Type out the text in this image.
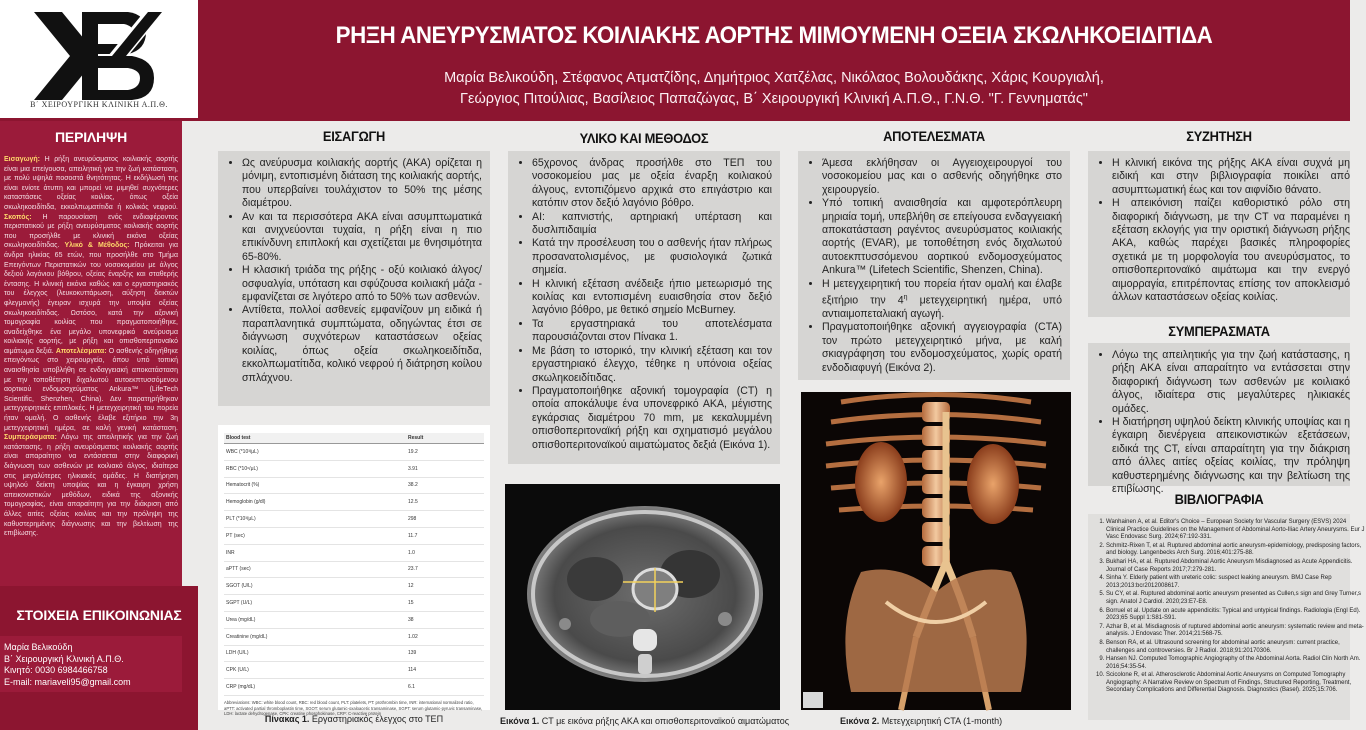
Β΄ ΧΕΙΡΟΥΡΓΙΚΗ ΚΛΙΝΙΚΗ Α.Π.Θ.
ΡΗΞΗ ΑΝΕΥΡΥΣΜΑΤΟΣ ΚΟΙΛΙΑΚΗΣ ΑΟΡΤΗΣ ΜΙΜΟΥΜΕΝΗ ΟΞΕΙΑ ΣΚΩΛΗΚΟΕΙΔΙΤΙΔΑ
Μαρία Βελικούδη, Στέφανος Ατματζίδης, Δημήτριος Χατζέλας, Νικόλαος Βολουδάκης, Χάρις Κουργιαλή,
Γεώργιος Πιτούλιας, Βασίλειος Παπαζώγας, Β΄ Χειρουργική Κλινική Α.Π.Θ., Γ.Ν.Θ. "Γ. Γεννηματάς"
ΠΕΡΙΛΗΨΗ
Εισαγωγή: Η ρήξη ανευρύσματος κοιλιακής αορτής είναι μια επείγουσα, απειλητική για την ζωή κατάσταση, με πολύ υψηλά ποσοστά θνητότητας. Η εκδήλωσή της είναι ενίοτε άτυπη και μπορεί να μιμηθεί συχνότερες καταστάσεις οξείας κοιλίας, όπως οξεία σκωληκοειδίτιδα, εκκολπωματίτιδα ή κολικός νεφρού. Σκοπός: Η παρουσίαση ενός ενδιαφέροντος περιστατικού με ρήξη ανευρύσματος κοιλιακής αορτής που προσήλθε με κλινική εικόνα οξείας σκωληκοειδίτιδας. Υλικό & Μέθοδος: Πρόκειται για άνδρα ηλικίας 65 ετών, που προσήλθε στο Τμήμα Επειγόντων Περιστατικών του νοσοκομείου με άλγος δεξιού λαγόνιου βόθρου, οξείας έναρξης και σταθερής έντασης. Η κλινική εικόνα καθώς και ο εργαστηριακός του έλεγχος (λευκοκυττάρωση, αύξηση δεικτών φλεγμονής) έγειραν ισχυρά την υποψία οξείας σκωληκοειδίτιδας. Ωστόσο, κατά την αξονική τομογραφία κοιλίας που πραγματοποιήθηκε, αναδείχθηκε ένα μεγάλο υπονεφρικό ανεύρυσμα κοιλιακής αορτής, με ρήξη και οπισθοπεριτοναϊκό αιμάτωμα δεξιά. Αποτελέσματα: Ο ασθενής οδηγήθηκε επειγόντως στο χειρουργείο, όπου υπό τοπική αναισθησία υποβλήθη σε ενδαγγειακή αποκατάσταση με την τοποθέτηση διχαλωτού αυτοεκπτυσσόμενου αορτικού ενδομοσχεύματος Ankura™ (LifeTech Scientific, Shenzhen, China). Δεν παρατηρήθηκαν μετεγχειρητικές επιπλοκές. Η μετεγχειρητική του πορεία ήταν ομαλή. Ο ασθενής έλαβε εξιτήριο την 3η μετεγχειρητική ημέρα, σε καλή γενική κατάσταση. Συμπεράσματα: Λόγω της απειλητικής για την ζωή κατάστασης, η ρήξη ανευρύσματος κοιλιακής αορτής είναι απαραίτητο να εντάσσεται στην διαφορική διάγνωση των ασθενών με κοιλιακό άλγος, ιδιαίτερα στις μεγαλύτερες ηλικιακές ομάδες. Η διατήρηση υψηλού δείκτη υποψίας και η έγκαιρη χρήση απεικονιστικών μεθόδων, ειδικά της αξονικής τομογραφίας, είναι απαραίτητη για την διάκριση από άλλες αιτίες οξείας κοιλίας και την πρόληψη της καθυστερημένης διάγνωσης και την βελτίωση της επιβίωσης.
ΣΤΟΙΧΕΙΑ ΕΠΙΚΟΙΝΩΝΙΑΣ
Μαρία Βελικούδη
Β΄ Χειρουργική Κλινική Α.Π.Θ.
Κινητό: 0030 6984466758
E-mail: mariaveli95@gmail.com
ΕΙΣΑΓΩΓΗ
• Ως ανεύρυσμα κοιλιακής αορτής (ΑΚΑ) ορίζεται η μόνιμη, εντοπισμένη διάταση της κοιλιακής αορτής, που υπερβαίνει τουλάχιστον το 50% της μέσης διαμέτρου.
• Αν και τα περισσότερα ΑΚΑ είναι ασυμπτωματικά και ανιχνεύονται τυχαία, η ρήξη είναι η πιο επικίνδυνη επιπλοκή και σχετίζεται με θνησιμότητα 65-80%.
• Η κλασική τριάδα της ρήξης - οξύ κοιλιακό άλγος/οσφυαλγία, υπόταση και σφύζουσα κοιλιακή μάζα - εμφανίζεται σε λιγότερο από το 50% των ασθενών.
• Αντίθετα, πολλοί ασθενείς εμφανίζουν μη ειδικά ή παραπλανητικά συμπτώματα, οδηγώντας έτσι σε διάγνωση συχνότερων καταστάσεων οξείας κοιλίας, όπως οξεία σκωληκοειδίτιδα, εκκολπωματίτιδα, κολικό νεφρού ή διάτρηση κοίλου σπλάχνου.
Blood test	Result
WBC (*10³/μL)	19.2
RBC (*10⁶/μL)	3.91
Hematocrit (%)	38.2
Hemoglobin (g/dl)	12.5
PLT (*10³/μL)	298
PT (sec)	11.7
INR	1.0
aPTT (sec)	23.7
SGOT (U/L)	12
SGPT (U/L)	15
Urea (mg/dL)	38
Creatinine (mg/dL)	1.02
LDH (U/L)	139
CPK (U/L)	114
CRP (mg/dL)	6.1
Abbreviations: WBC: white blood count, RBC: red blood count, PLT: platelets, PT: prothrombin time, INR: international normalized ratio, aPTT: activated partial thromboplastin time, SGOT: serum glutamic-oxaloacetic transaminase, SGPT: serum glutamic-pyruvic transaminase, LDH: lactate dehydrogenase, CPK: creatine phosphokinase, CRP: C-reactive protein
Πίνακας 1. Εργαστηριακός έλεγχος στο ΤΕΠ
ΥΛΙΚΟ ΚΑΙ ΜΕΘΟΔΟΣ
• 65χρονος άνδρας προσήλθε στο ΤΕΠ του νοσοκομείου μας με οξεία έναρξη κοιλιακού άλγους, εντοπιζόμενο αρχικά στο επιγάστριο και κατόπιν στον δεξιό λαγόνιο βόθρο.
• ΑΙ: καπνιστής, αρτηριακή υπέρταση και δυσλιπιδαιμία
• Κατά την προσέλευση του ο ασθενής ήταν πλήρως προσανατολισμένος, με φυσιολογικά ζωτικά σημεία.
• Η κλινική εξέταση ανέδειξε ήπιο μετεωρισμό της κοιλίας και εντοπισμένη ευαισθησία στον δεξιό λαγόνιο βόθρο, με θετικό σημείο McBurney.
• Τα εργαστηριακά του αποτελέσματα παρουσιάζονται στον Πίνακα 1.
• Με βάση το ιστορικό, την κλινική εξέταση και τον εργαστηριακό έλεγχο, τέθηκε η υπόνοια οξείας σκωληκοειδίτιδας.
• Πραγματοποιήθηκε αξονική τομογραφία (CT) η οποία αποκάλυψε ένα υπονεφρικό ΑΚΑ, μέγιστης εγκάρσιας διαμέτρου 70 mm, με κεκαλυμμένη οπισθοπεριτοναϊκή ρήξη και σχηματισμό μεγάλου οπισθοπεριτοναϊκού αιματώματος δεξιά (Εικόνα 1).
Εικόνα 1. CT με εικόνα ρήξης ΑΚΑ και οπισθοπεριτοναϊκού αιματώματος
ΑΠΟΤΕΛΕΣΜΑΤΑ
• Άμεσα εκλήθησαν οι Αγγειοχειρουργοί του νοσοκομείου μας και ο ασθενής οδηγήθηκε στο χειρουργείο.
• Υπό τοπική αναισθησία και αμφοτερόπλευρη μηριαία τομή, υπεβλήθη σε επείγουσα ενδαγγειακή αποκατάσταση ραγέντος ανευρύσματος κοιλιακής αορτής (EVAR), με τοποθέτηση ενός διχαλωτού αυτοεκπτυσσόμενου αορτικού ενδομοσχεύματος Ankura™ (Lifetech Scientific, Shenzen, China).
• Η μετεγχειρητική του πορεία ήταν ομαλή και έλαβε εξιτήριο την $4^\eta$ μετεγχειρητική ημέρα, υπό αντιαιμοπεταλιακή αγωγή.
• Πραγματοποιήθηκε αξονική αγγειογραφία (CTA) τον πρώτο μετεγχειρητικό μήνα, με καλή σκιαγράφηση του ενδομοσχεύματος, χωρίς ορατή ενδοδιαφυγή (Εικόνα 2).
Εικόνα 2. Μετεγχειρητική CTA (1-month)
ΣΥΖΗΤΗΣΗ
• Η κλινική εικόνα της ρήξης ΑΚΑ είναι συχνά μη ειδική και στην βιβλιογραφία ποικίλει από ασυμπτωματική έως και τον αιφνίδιο θάνατο.
• Η απεικόνιση παίζει καθοριστικό ρόλο στη διαφορική διάγνωση, με την CT να παραμένει η εξέταση εκλογής για την οριστική διάγνωση ρήξης ΑΚΑ, καθώς παρέχει βασικές πληροφορίες σχετικά με τη μορφολογία του ανευρύσματος, το οπισθοπεριτοναϊκό αιμάτωμα και την ενεργό αιμορραγία, επιτρέποντας επίσης τον αποκλεισμό άλλων καταστάσεων οξείας κοιλίας.
ΣΥΜΠΕΡΑΣΜΑΤΑ
• Λόγω της απειλητικής για την ζωή κατάστασης, η ρήξη ΑΚΑ είναι απαραίτητο να εντάσσεται στην διαφορική διάγνωση των ασθενών με κοιλιακό άλγος, ιδιαίτερα στις μεγαλύτερες ηλικιακές ομάδες.
• Η διατήρηση υψηλού δείκτη κλινικής υποψίας και η έγκαιρη διενέργεια απεικονιστικών εξετάσεων, ειδικά της CT, είναι απαραίτητη για την διάκριση από άλλες αιτίες οξείας κοιλίας, την πρόληψη καθυστερημένης διάγνωσης και την βελτίωση της επιβίωσης.
ΒΙΒΛΙΟΓΡΑΦΙΑ
1. Wanhainen A, et al. Editor's Choice – European Society for Vascular Surgery (ESVS) 2024 Clinical Practice Guidelines on the Management of Abdominal Aorto-Iliac Artery Aneurysms. Eur J Vasc Endovasc Surg. 2024;67:192-331.
2. Schmitz-Rixen T, et al. Ruptured abdominal aortic aneurysm-epidemiology, predisposing factors, and biology. Langenbecks Arch Surg. 2016;401:275-88.
3. Bukhari HA, et al. Ruptured Abdominal Aortic Aneurysm Misdiagnosed as Acute Appendicitis. Journal of Case Reports 2017;7:279-281.
4. Sinha Y. Elderly patient with ureteric colic: suspect leaking aneurysm. BMJ Case Rep 2013;2013:bcr2012008617.
5. Su CY, et al. Ruptured abdominal aortic aneurysm presented as Cullen,s sign and Grey Turner,s sign. Anatol J Cardiol. 2020;23:E7-E8.
6. Borruel et al. Update on acute appendicitis: Typical and untypical findings. Radiologia (Engl Ed). 2023;65 Suppl 1:S81-S91.
7. Azhar B, et al. Misdiagnosis of ruptured abdominal aortic aneurysm: systematic review and meta-analysis. J Endovasc Ther. 2014;21:568-75.
8. Benson RA, et al. Ultrasound screening for abdominal aortic aneurysm: current practice, challenges and controversies. Br J Radiol. 2018;91:20170306.
9. Hansen NJ. Computed Tomographic Angiography of the Abdominal Aorta. Radiol Clin North Am. 2016;54:35-54.
10. Scicolone R, et al. Atherosclerotic Abdominal Aortic Aneurysms on Computed Tomography Angiography: A Narrative Review on Spectrum of Findings, Structured Reporting, Treatment, Secondary Complications and Differential Diagnosis. Diagnostics (Basel). 2025;15:706.
